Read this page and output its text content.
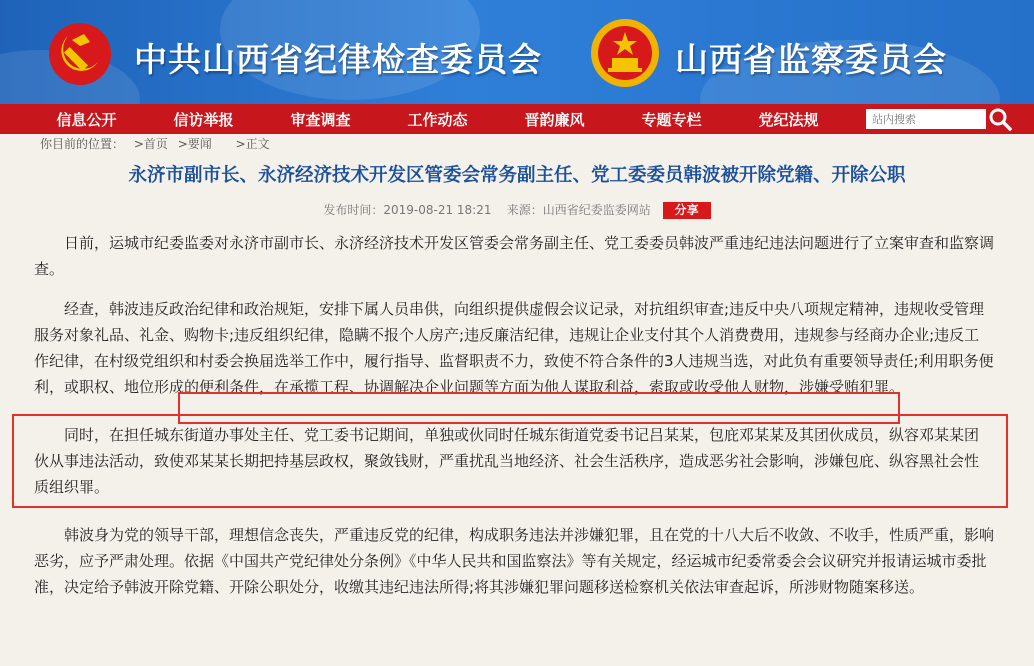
中共山西省纪律检查委员会	山西省监察委员会
信息公开	信访举报	审查调查	工作动态	晋韵廉风	专题专栏	党纪法规
站内搜索
你目前的位置： >首页 >要闻 >正文
永济市副市长、永济经济技术开发区管委会常务副主任、党工委委员韩波被开除党籍、开除公职
发布时间：2019-08-21 18:21 来源：山西省纪委监委网站 分享

日前，运城市纪委监委对永济市副市长、永济经济技术开发区管委会常务副主任、党工委委员韩波严重违纪违法问题进行了立案审查和监察调查。

经查，韩波违反政治纪律和政治规矩，安排下属人员串供，向组织提供虚假会议记录，对抗组织审查;违反中央八项规定精神，违规收受管理服务对象礼品、礼金、购物卡;违反组织纪律，隐瞒不报个人房产;违反廉洁纪律，违规让企业支付其个人消费费用，违规参与经商办企业;违反工作纪律，在村级党组织和村委会换届选举工作中，履行指导、监督职责不力，致使不符合条件的3人违规当选，对此负有重要领导责任;利用职务便利，或职权、地位形成的便利条件，在承揽工程、协调解决企业问题等方面为他人谋取利益，索取或收受他人财物，涉嫌受贿犯罪。

同时，在担任城东街道办事处主任、党工委书记期间，单独或伙同时任城东街道党委书记吕某某，包庇邓某某及其团伙成员，纵容邓某某团伙从事违法活动，致使邓某某长期把持基层政权，聚敛钱财，严重扰乱当地经济、社会生活秩序，造成恶劣社会影响，涉嫌包庇、纵容黑社会性质组织罪。

韩波身为党的领导干部，理想信念丧失，严重违反党的纪律，构成职务违法并涉嫌犯罪，且在党的十八大后不收敛、不收手，性质严重，影响恶劣，应予严肃处理。依据《中国共产党纪律处分条例》《中华人民共和国监察法》等有关规定，经运城市纪委常委会会议研究并报请运城市委批准，决定给予韩波开除党籍、开除公职处分，收缴其违纪违法所得;将其涉嫌犯罪问题移送检察机关依法审查起诉，所涉财物随案移送。
